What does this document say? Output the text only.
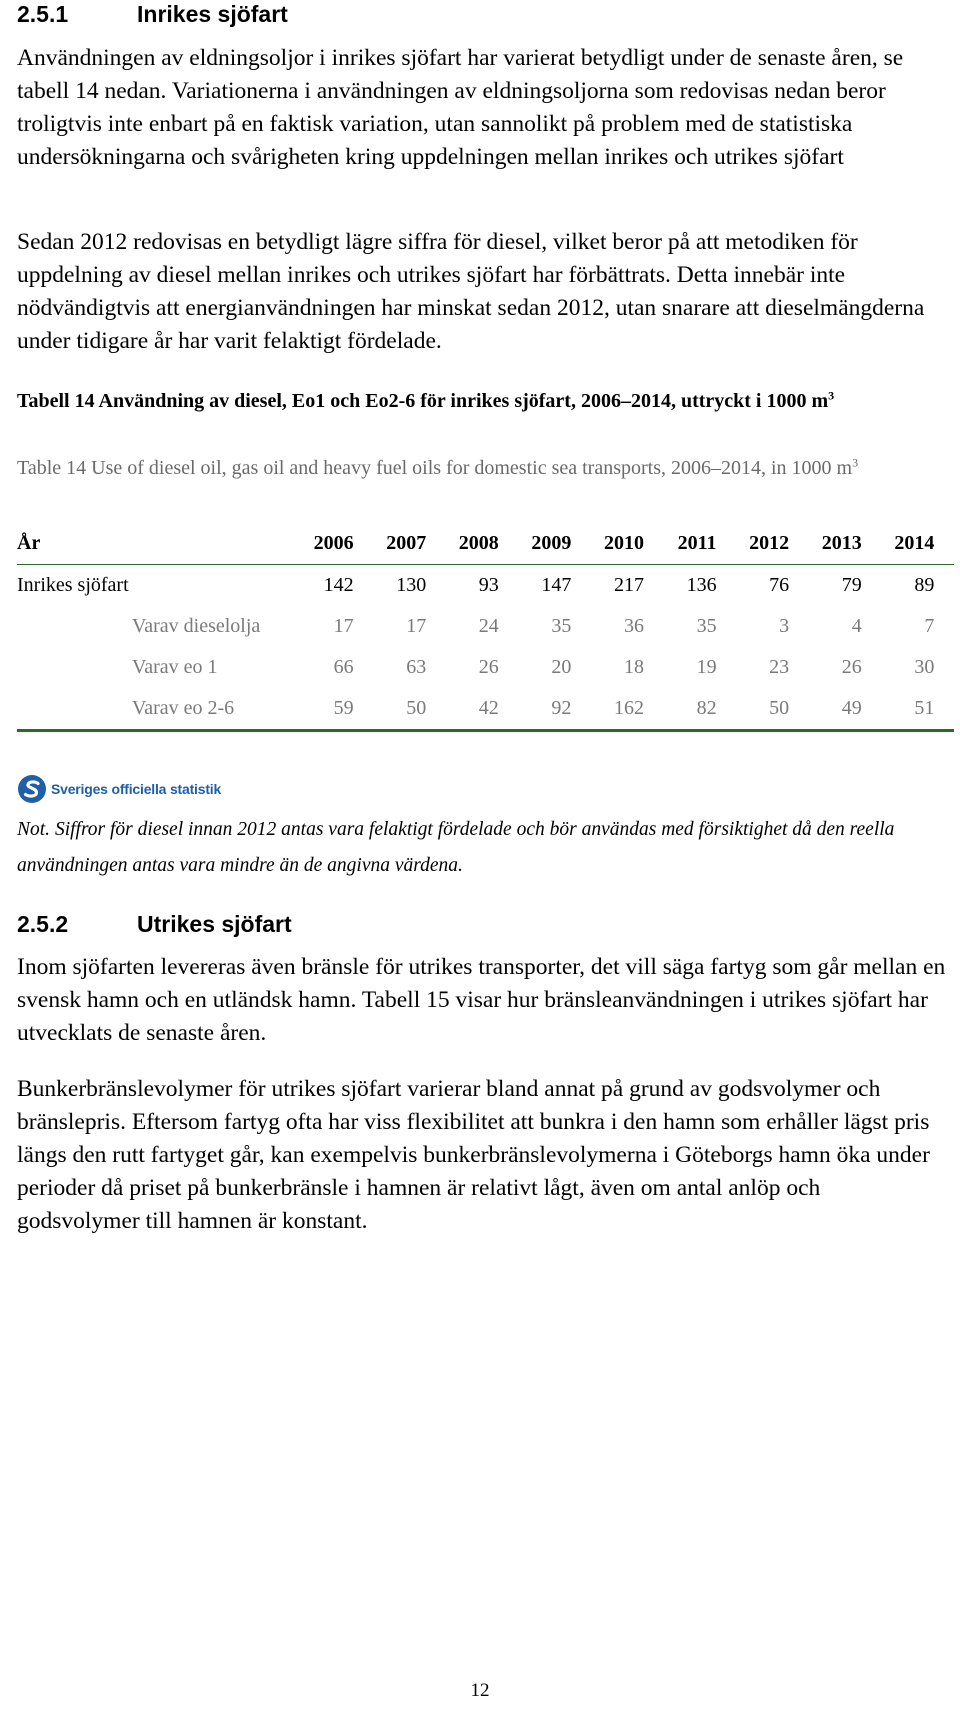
2.5.1	Inrikes sjöfart

Användningen av eldningsoljor i inrikes sjöfart har varierat betydligt under de senaste åren, se tabell 14 nedan. Variationerna i användningen av eldningsoljorna som redovisas nedan beror troligtvis inte enbart på en faktisk variation, utan sannolikt på problem med de statistiska undersökningarna och svårigheten kring uppdelningen mellan inrikes och utrikes sjöfart

Sedan 2012 redovisas en betydligt lägre siffra för diesel, vilket beror på att metodiken för uppdelning av diesel mellan inrikes och utrikes sjöfart har förbättrats. Detta innebär inte nödvändigtvis att energianvändningen har minskat sedan 2012, utan snarare att dieselmängderna under tidigare år har varit felaktigt fördelade.

Tabell 14 Användning av diesel, Eo1 och Eo2-6 för inrikes sjöfart, 2006–2014, uttryckt i 1000 $m^3$

Table 14 Use of diesel oil, gas oil and heavy fuel oils for domestic sea transports, 2006–2014, in 1000 $m^3$

År	2006	2007	2008	2009	2010	2011	2012	2013	2014
Inrikes sjöfart	142	130	93	147	217	136	76	79	89
Varav dieselolja	17	17	24	35	36	35	3	4	7
Varav eo 1	66	63	26	20	18	19	23	26	30
Varav eo 2-6	59	50	42	92	162	82	50	49	51
Sveriges officiella statistik

Not. Siffror för diesel innan 2012 antas vara felaktigt fördelade och bör användas med försiktighet då den reella användningen antas vara mindre än de angivna värdena.

2.5.2	Utrikes sjöfart

Inom sjöfarten levereras även bränsle för utrikes transporter, det vill säga fartyg som går mellan en svensk hamn och en utländsk hamn. Tabell 15 visar hur bränsleanvändningen i utrikes sjöfart har utvecklats de senaste åren.

Bunkerbränslevolymer för utrikes sjöfart varierar bland annat på grund av godsvolymer och bränslepris. Eftersom fartyg ofta har viss flexibilitet att bunkra i den hamn som erhåller lägst pris längs den rutt fartyget går, kan exempelvis bunkerbränslevolymerna i Göteborgs hamn öka under perioder då priset på bunkerbränsle i hamnen är relativt lågt, även om antal anlöp och godsvolymer till hamnen är konstant.

12
